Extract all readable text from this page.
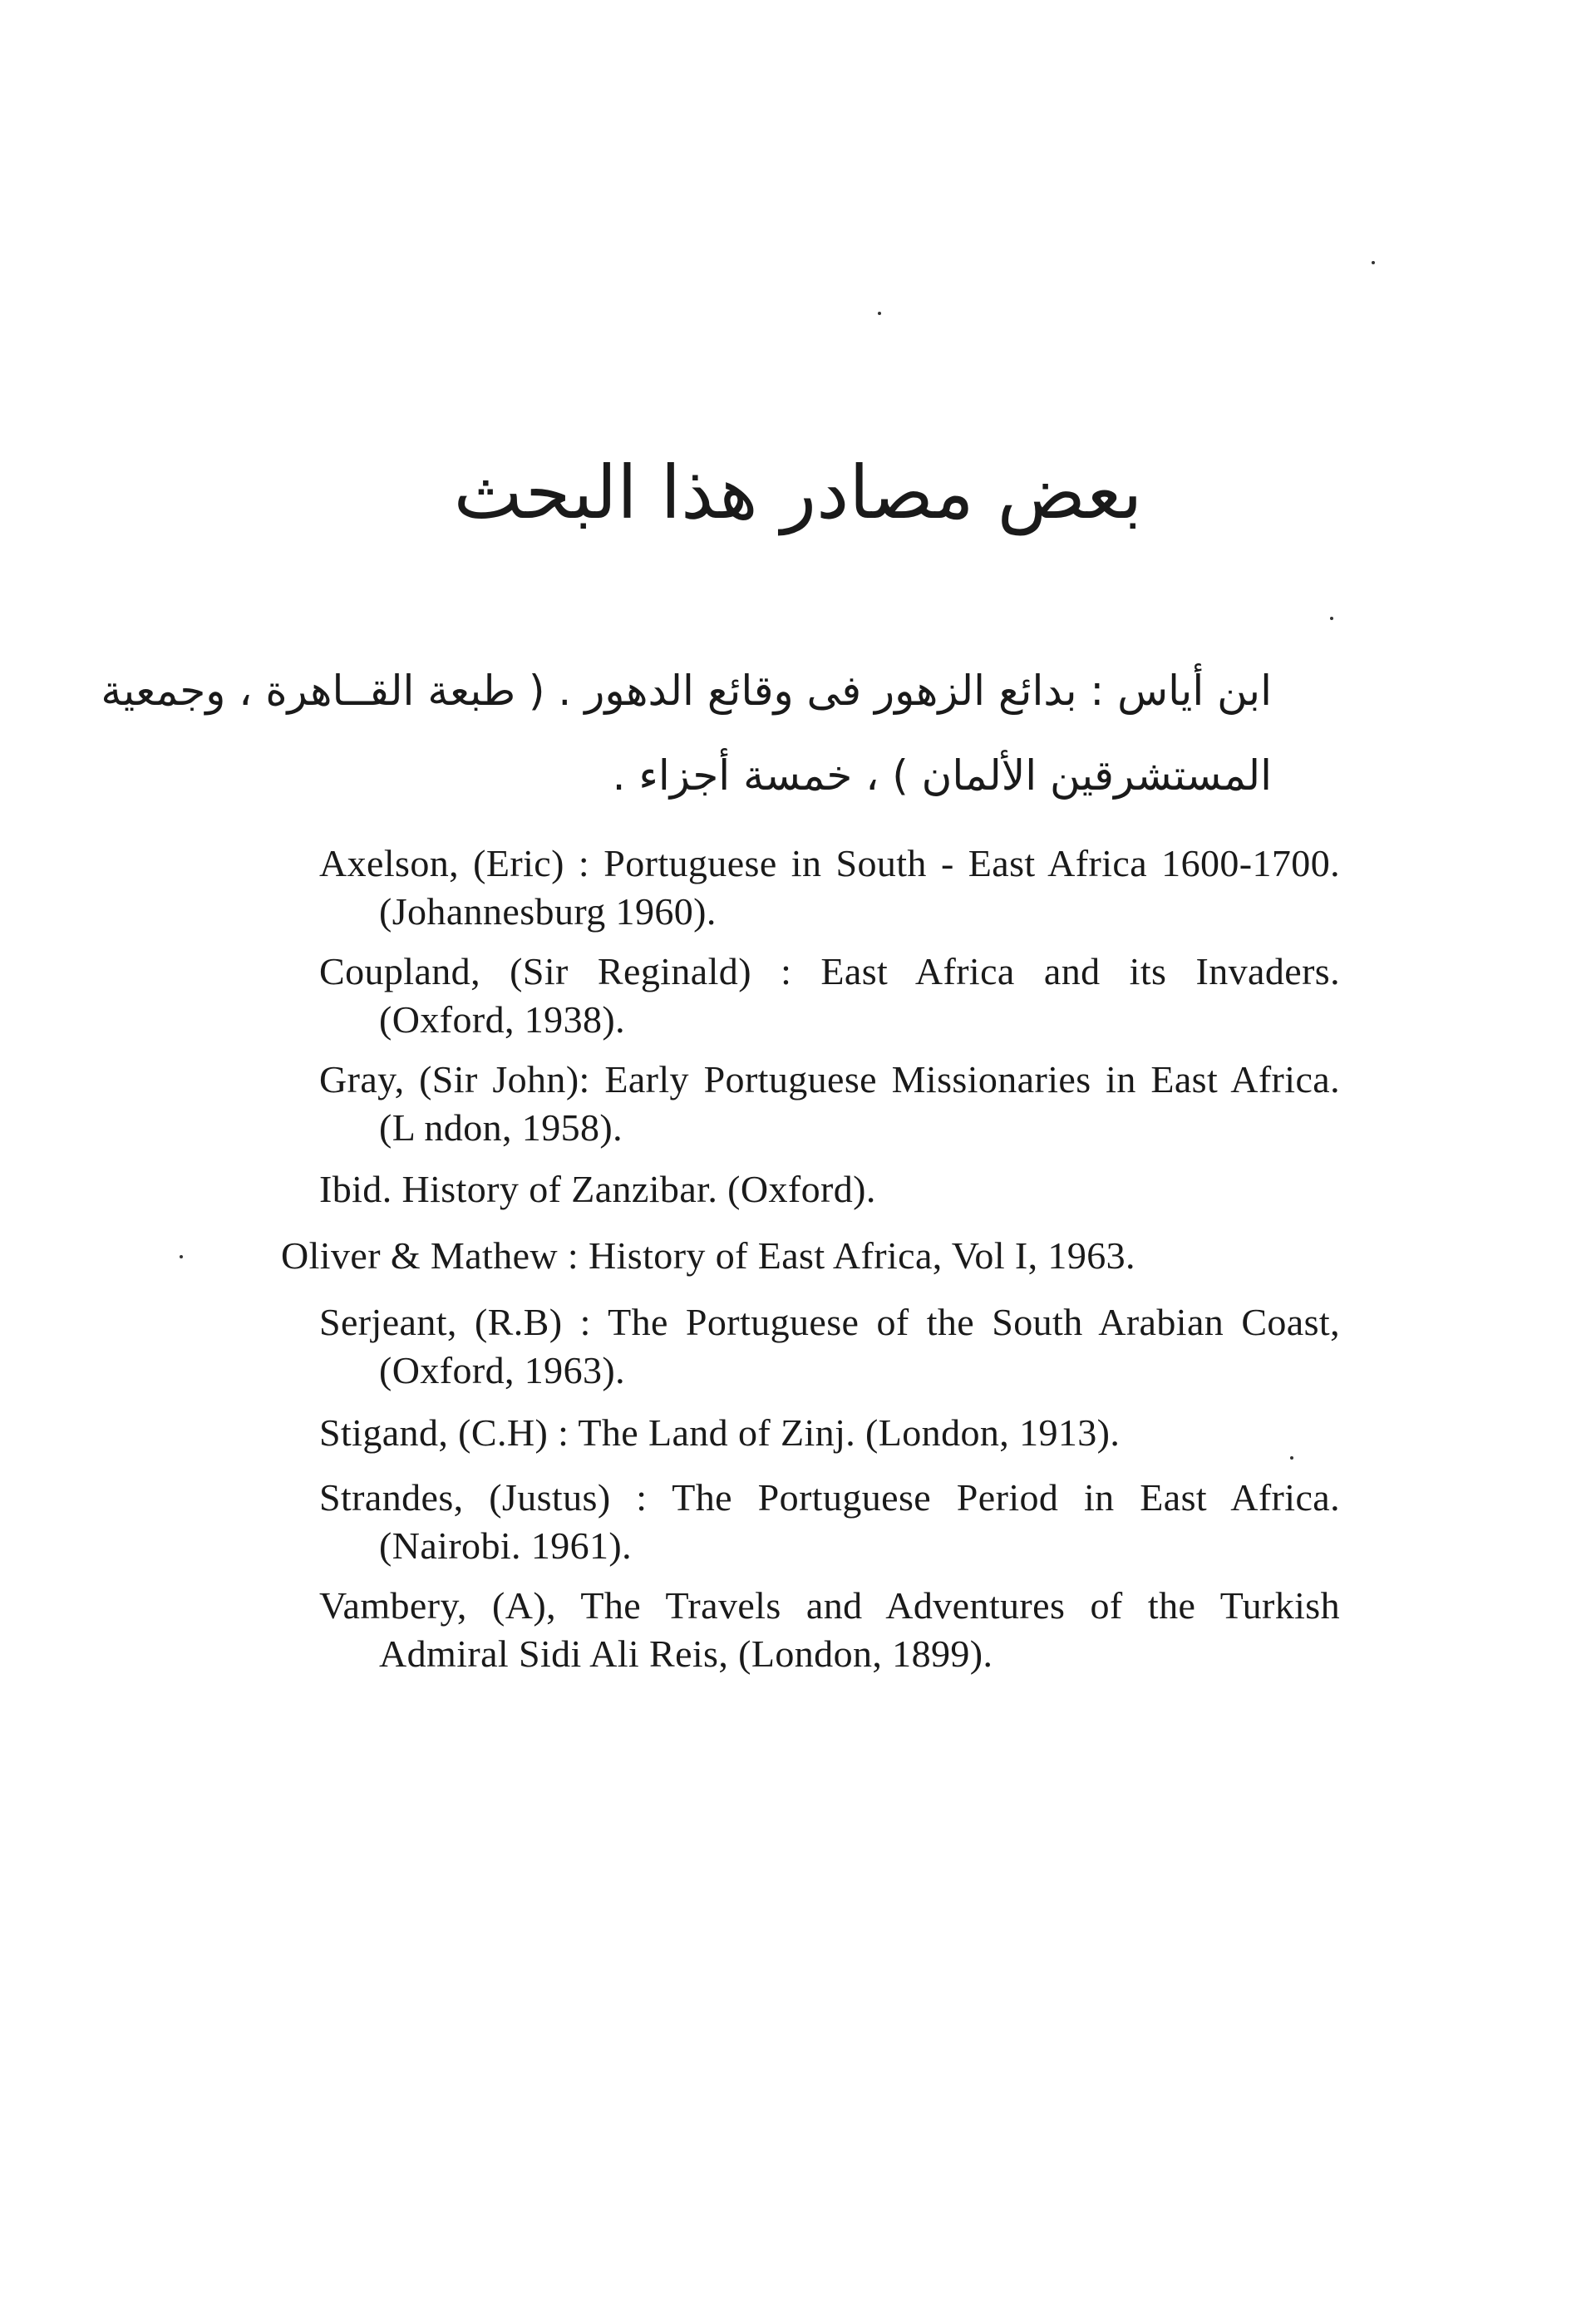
بعض مصادر هذا البحث
ابن أياس : بدائع الزهور فى وقائع الدهور . ( طبعة القــاهرة ، وجمعية
المستشرقين الألمان ) ، خمسة أجزاء .
Axelson, (Eric) : Portuguese in South - East Africa 1600-1700.
(Johannesburg 1960).
Coupland, (Sir Reginald) : East Africa and its Invaders.
(Oxford, 1938).
Gray, (Sir John): Early Portuguese Missionaries in East Africa.
(L ndon, 1958).
Ibid. History of Zanzibar. (Oxford).
Oliver & Mathew : History of East Africa, Vol I, 1963.
Serjeant, (R.B) : The Portuguese of the South Arabian Coast,
(Oxford, 1963).
Stigand, (C.H) : The Land of Zinj. (London, 1913).
Strandes, (Justus) : The Portuguese Period in East Africa.
(Nairobi. 1961).
Vambery, (A), The Travels and Adventures of the Turkish
Admiral Sidi Ali Reis, (London, 1899).
